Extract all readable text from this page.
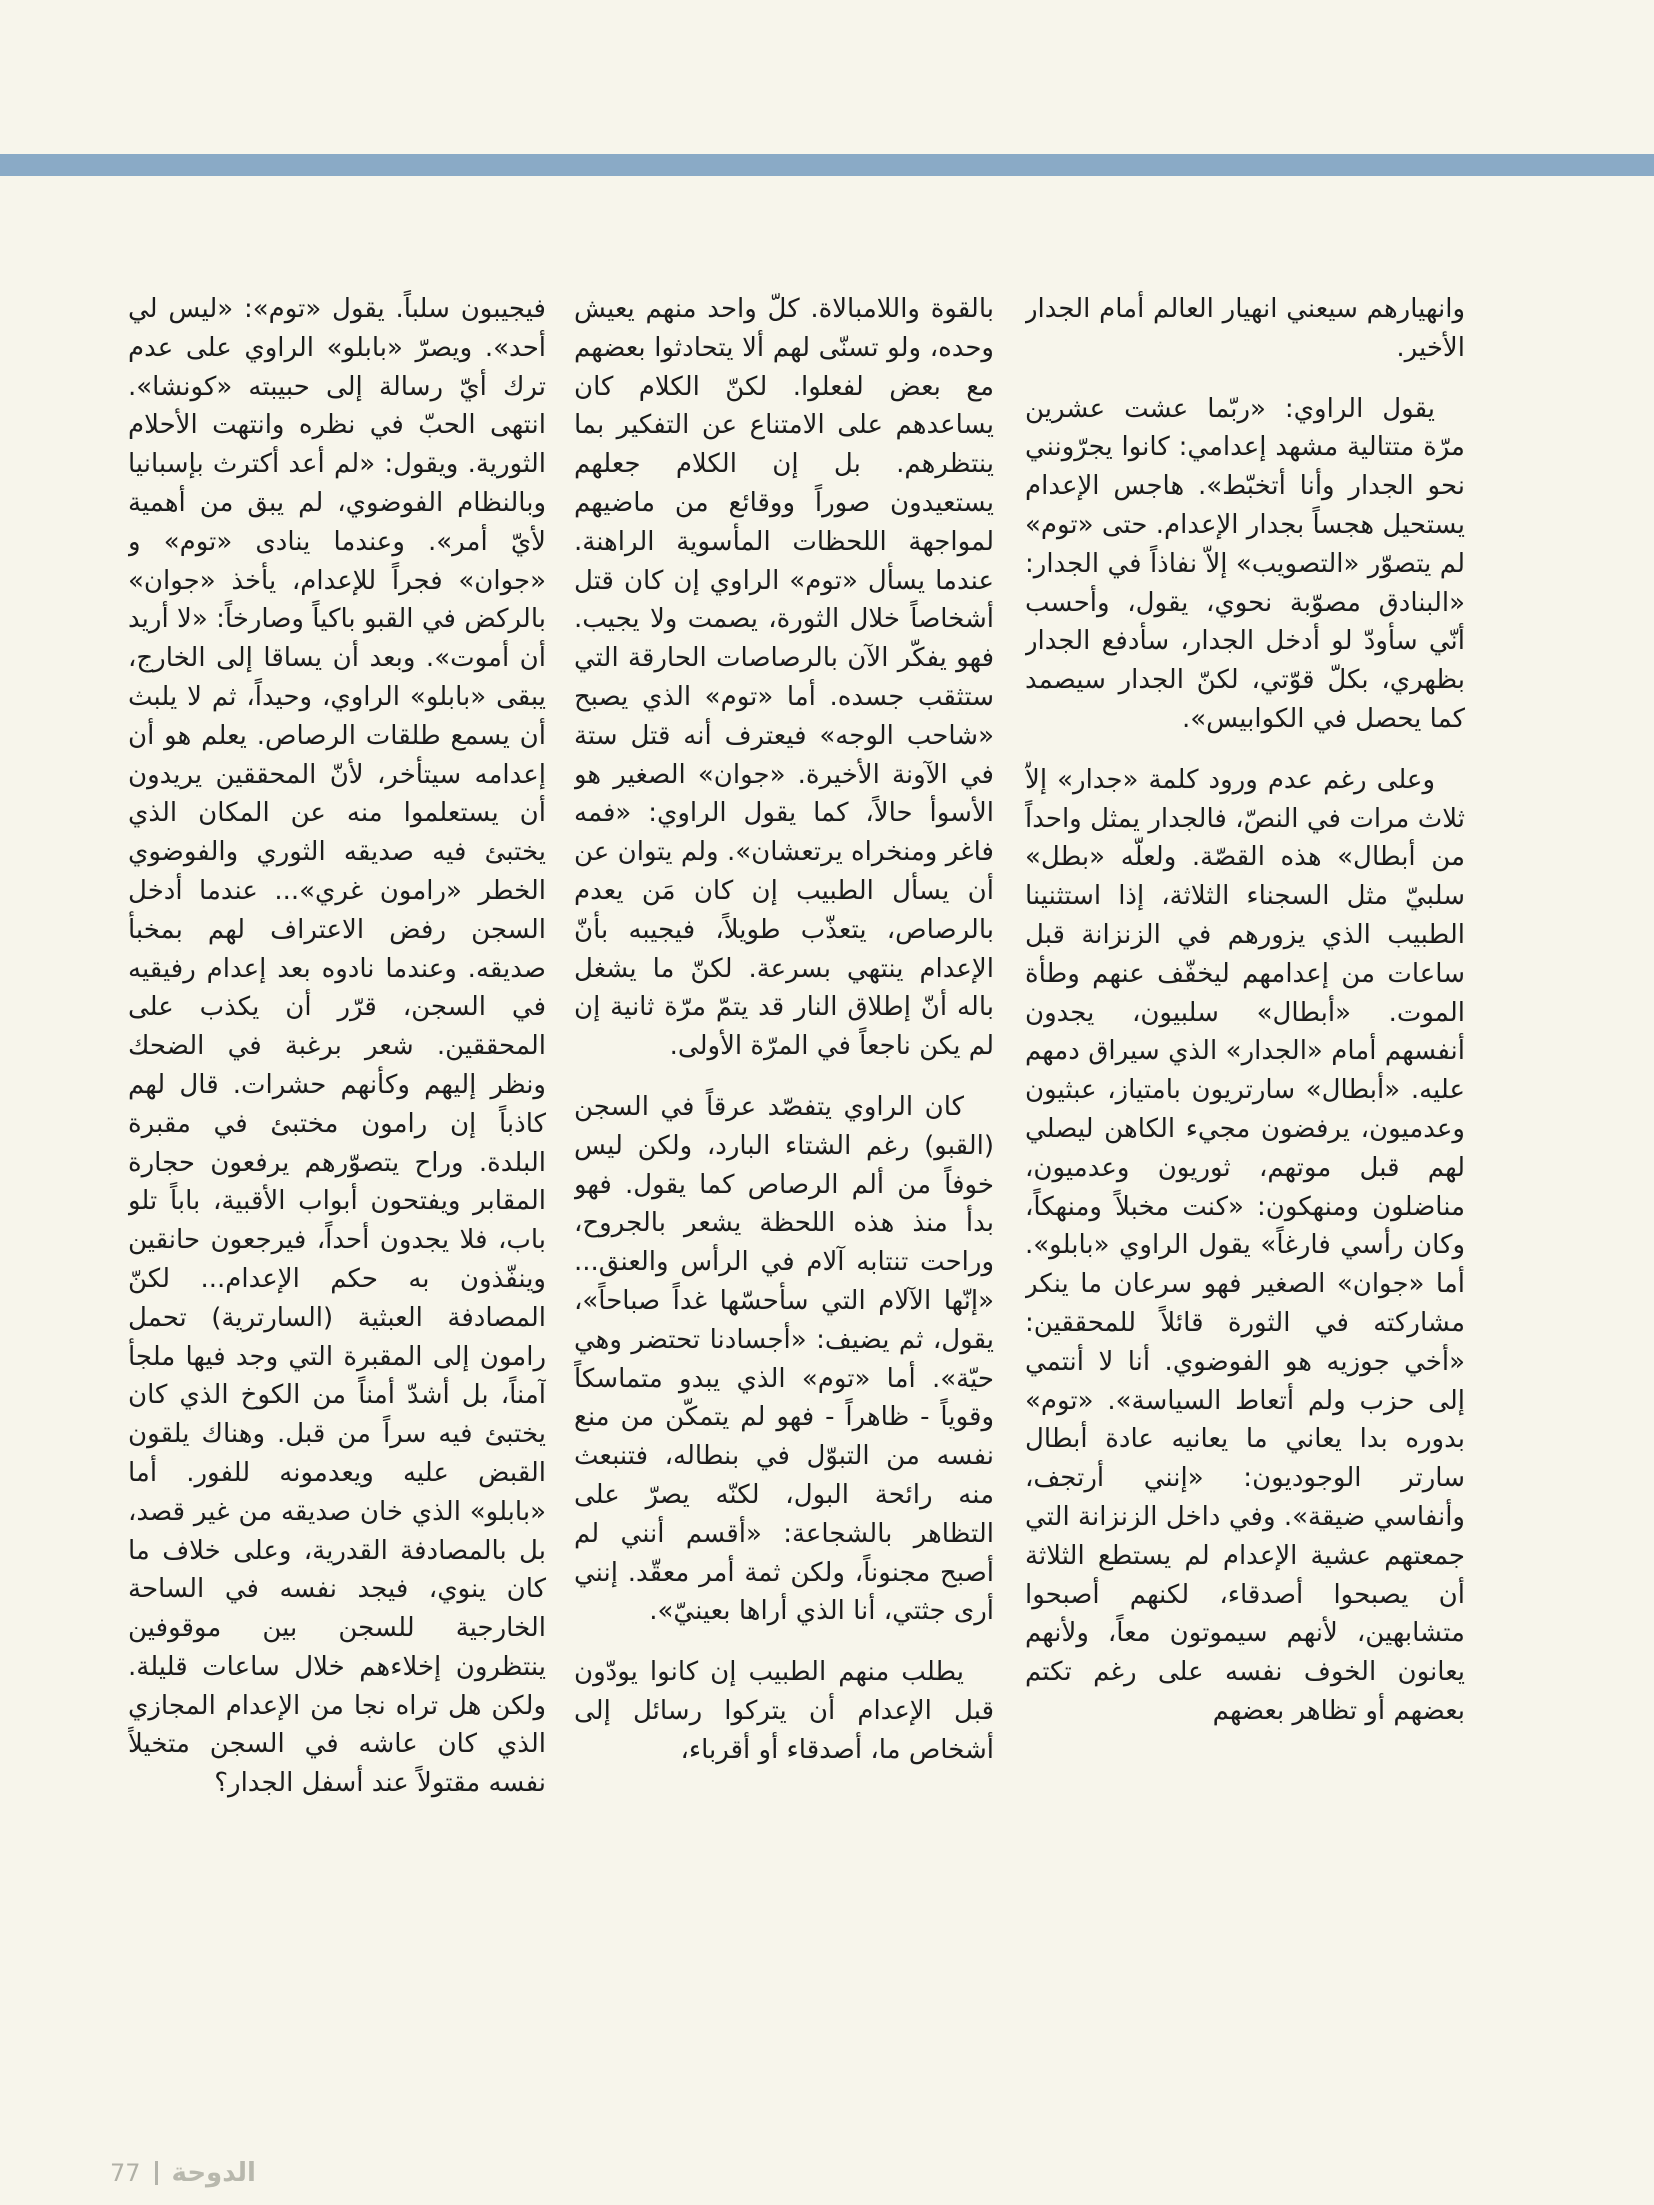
وانهيارهم سيعني انهيار العالم أمام الجدار الأخير.

يقول الراوي: «ربّما عشت عشرين مرّة متتالية مشهد إعدامي: كانوا يجرّونني نحو الجدار وأنا أتخبّط». هاجس الإعدام يستحيل هجساً بجدار الإعدام. حتى «توم» لم يتصوّر «التصويب» إلاّ نفاذاً في الجدار: «البنادق مصوّبة نحوي، يقول، وأحسب أنّي سأودّ لو أدخل الجدار، سأدفع الجدار بظهري، بكلّ قوّتي، لكنّ الجدار سيصمد كما يحصل في الكوابيس».

وعلى رغم عدم ورود كلمة «جدار» إلاّ ثلاث مرات في النصّ، فالجدار يمثل واحداً من أبطال» هذه القصّة. ولعلّه «بطل» سلبيّ مثل السجناء الثلاثة، إذا استثنينا الطبيب الذي يزورهم في الزنزانة قبل ساعات من إعدامهم ليخفّف عنهم وطأة الموت. «أبطال» سلبيون، يجدون أنفسهم أمام «الجدار» الذي سيراق دمهم عليه. «أبطال» سارتريون بامتياز، عبثيون وعدميون، يرفضون مجيء الكاهن ليصلي لهم قبل موتهم، ثوريون وعدميون، مناضلون ومنهكون: «كنت مخبلاً ومنهكاً، وكان رأسي فارغاً» يقول الراوي «بابلو». أما «جوان» الصغير فهو سرعان ما ينكر مشاركته في الثورة قائلاً للمحققين: «أخي جوزيه هو الفوضوي. أنا لا أنتمي إلى حزب ولم أتعاط السياسة». «توم» بدوره بدا يعاني ما يعانيه عادة أبطال سارتر الوجوديون: «إنني أرتجف، وأنفاسي ضيقة». وفي داخل الزنزانة التي جمعتهم عشية الإعدام لم يستطع الثلاثة أن يصبحوا أصدقاء، لكنهم أصبحوا متشابهين، لأنهم سيموتون معاً، ولأنهم يعانون الخوف نفسه على رغم تكتم بعضهم أو تظاهر بعضهم

بالقوة واللامبالاة. كلّ واحد منهم يعيش وحده، ولو تسنّى لهم ألا يتحادثوا بعضهم مع بعض لفعلوا. لكنّ الكلام كان يساعدهم على الامتناع عن التفكير بما ينتظرهم. بل إن الكلام جعلهم يستعيدون صوراً ووقائع من ماضيهم لمواجهة اللحظات المأسوية الراهنة. عندما يسأل «توم» الراوي إن كان قتل أشخاصاً خلال الثورة، يصمت ولا يجيب. فهو يفكّر الآن بالرصاصات الحارقة التي ستثقب جسده. أما «توم» الذي يصبح «شاحب الوجه» فيعترف أنه قتل ستة في الآونة الأخيرة. «جوان» الصغير هو الأسوأ حالاً، كما يقول الراوي: «فمه فاغر ومنخراه يرتعشان». ولم يتوان عن أن يسأل الطبيب إن كان مَن يعدم بالرصاص، يتعذّب طويلاً، فيجيبه بأنّ الإعدام ينتهي بسرعة. لكنّ ما يشغل باله أنّ إطلاق النار قد يتمّ مرّة ثانية إن لم يكن ناجعاً في المرّة الأولى.

كان الراوي يتفصّد عرقاً في السجن (القبو) رغم الشتاء البارد، ولكن ليس خوفاً من ألم الرصاص كما يقول. فهو بدأ منذ هذه اللحظة يشعر بالجروح، وراحت تنتابه آلام في الرأس والعنق... «إنّها الآلام التي سأحسّها غداً صباحاً»، يقول، ثم يضيف: «أجسادنا تحتضر وهي حيّة». أما «توم» الذي يبدو متماسكاً وقوياً - ظاهراً - فهو لم يتمكّن من منع نفسه من التبوّل في بنطاله، فتنبعث منه رائحة البول، لكنّه يصرّ على التظاهر بالشجاعة: «أقسم أنني لم أصبح مجنوناً، ولكن ثمة أمر معقّد. إنني أرى جثتي، أنا الذي أراها بعينيّ».

يطلب منهم الطبيب إن كانوا يودّون قبل الإعدام أن يتركوا رسائل إلى أشخاص ما، أصدقاء أو أقرباء،

فيجيبون سلباً. يقول «توم»: «ليس لي أحد». ويصرّ «بابلو» الراوي على عدم ترك أيّ رسالة إلى حبيبته «كونشا». انتهى الحبّ في نظره وانتهت الأحلام الثورية. ويقول: «لم أعد أكترث بإسبانيا وبالنظام الفوضوي، لم يبق من أهمية لأيّ أمر». وعندما ينادى «توم» و «جوان» فجراً للإعدام، يأخذ «جوان» بالركض في القبو باكياً وصارخاً: «لا أريد أن أموت». وبعد أن يساقا إلى الخارج، يبقى «بابلو» الراوي، وحيداً، ثم لا يلبث أن يسمع طلقات الرصاص. يعلم هو أن إعدامه سيتأخر، لأنّ المحققين يريدون أن يستعلموا منه عن المكان الذي يختبئ فيه صديقه الثوري والفوضوي الخطر «رامون غري»... عندما أدخل السجن رفض الاعتراف لهم بمخبأ صديقه. وعندما نادوه بعد إعدام رفيقيه في السجن، قرّر أن يكذب على المحققين. شعر برغبة في الضحك ونظر إليهم وكأنهم حشرات. قال لهم كاذباً إن رامون مختبئ في مقبرة البلدة. وراح يتصوّرهم يرفعون حجارة المقابر ويفتحون أبواب الأقبية، باباً تلو باب، فلا يجدون أحداً، فيرجعون حانقين وينفّذون به حكم الإعدام... لكنّ المصادفة العبثية (السارترية) تحمل رامون إلى المقبرة التي وجد فيها ملجأ آمناً، بل أشدّ أمناً من الكوخ الذي كان يختبئ فيه سراً من قبل. وهناك يلقون القبض عليه ويعدمونه للفور. أما «بابلو» الذي خان صديقه من غير قصد، بل بالمصادفة القدرية، وعلى خلاف ما كان ينوي، فيجد نفسه في الساحة الخارجية للسجن بين موقوفين ينتظرون إخلاءهم خلال ساعات قليلة. ولكن هل تراه نجا من الإعدام المجازي الذي كان عاشه في السجن متخيلاً نفسه مقتولاً عند أسفل الجدار؟

77 الدوحة
